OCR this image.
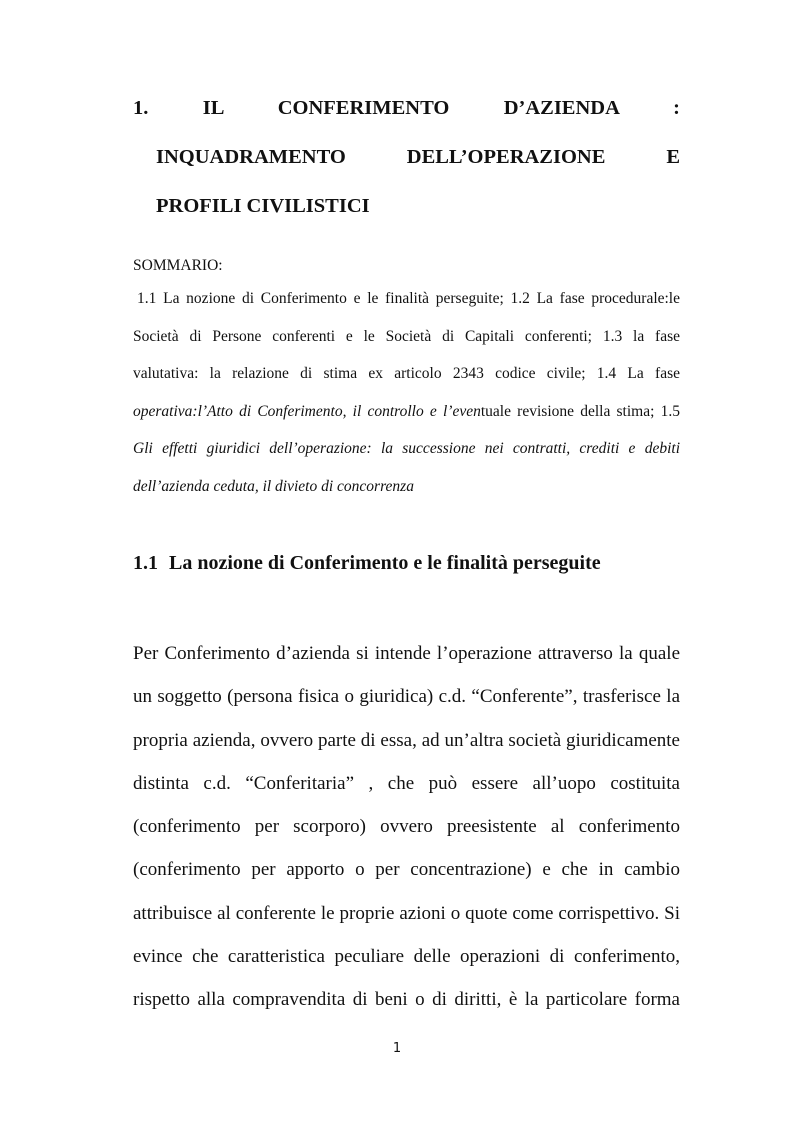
1. IL CONFERIMENTO D’AZIENDA :
INQUADRAMENTO DELL’OPERAZIONE E
PROFILI CIVILISTICI
SOMMARIO:
1.1 La nozione di Conferimento e le finalità perseguite; 1.2 La fase procedurale:le
Società di Persone conferenti e le Società di Capitali conferenti; 1.3 la fase
valutativa: la relazione di stima ex articolo 2343 codice civile; 1.4 La fase
operativa:l’Atto di Conferimento, il controllo e l’eventuale revisione della stima; 1.5
Gli effetti giuridici dell’operazione: la successione nei contratti, crediti e debiti
dell’azienda ceduta, il divieto di concorrenza
1.1 La nozione di Conferimento e le finalità perseguite
Per Conferimento d’azienda si intende l’operazione attraverso la quale
un soggetto (persona fisica o giuridica) c.d. “Conferente”, trasferisce la
propria azienda, ovvero parte di essa, ad un’altra società giuridicamente
distinta c.d. “Conferitaria” , che può essere all’uopo costituita
(conferimento per scorporo) ovvero preesistente al conferimento
(conferimento per apporto o per concentrazione) e che in cambio
attribuisce al conferente le proprie azioni o quote come corrispettivo. Si
evince che caratteristica peculiare delle operazioni di conferimento,
rispetto alla compravendita di beni o di diritti, è la particolare forma
1
